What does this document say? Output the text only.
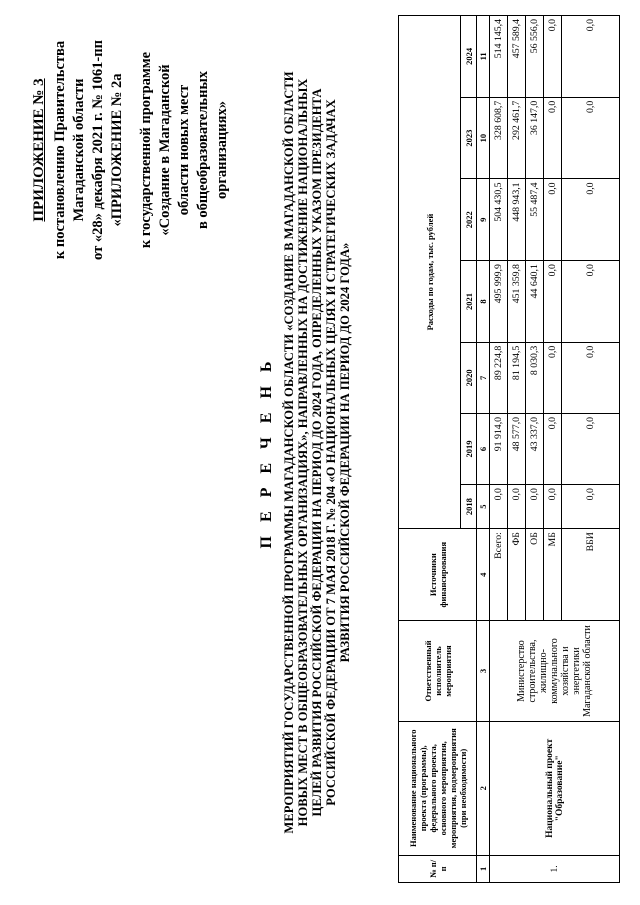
ПРИЛОЖЕНИЕ № 3 к постановлению Правительства Магаданской области от «28» декабря 2021 г. № 1061-пп «ПРИЛОЖЕНИЕ № 2а к государственной программе «Создание в Магаданской области новых мест в общеобразовательных организациях»
П Е Р Е Ч Е Н Ь МЕРОПРИЯТИЙ ГОСУДАРСТВЕННОЙ ПРОГРАММЫ МАГАДАНСКОЙ ОБЛАСТИ «СОЗДАНИЕ В МАГАДАНСКОЙ ОБЛАСТИ НОВЫХ МЕСТ В ОБЩЕОБРАЗОВАТЕЛЬНЫХ ОРГАНИЗАЦИЯХ», НАПРАВЛЕННЫХ НА ДОСТИЖЕНИЕ НАЦИОНАЛЬНЫХ ЦЕЛЕЙ РАЗВИТИЯ РОССИЙСКОЙ ФЕДЕРАЦИИ НА ПЕРИОД ДО 2024 ГОДА, ОПРЕДЕЛЕННЫХ УКАЗОМ ПРЕЗИДЕНТА РОССИЙСКОЙ ФЕДЕРАЦИИ ОТ 7 МАЯ 2018 Г. № 204 «О НАЦИОНАЛЬНЫХ ЦЕЛЯХ И СТРАТЕГИЧЕСКИХ ЗАДАЧАХ РАЗВИТИЯ РОССИЙСКОЙ ФЕДЕРАЦИИ НА ПЕРИОД ДО 2024 ГОДА»
№ п/п	Наименование национального проекта (программы), федерального проекта, основного мероприятия, мероприятия, подмероприятия (при необходимости)	Ответственный исполнитель мероприятия	Источники финансирования	Расходы по годам, тыс. рублей						
				2018	2019	2020	2021	2022	2023	2024
1	2	3	4	5	6	7	8	9	10	11
1.	Национальный проект "Образование"	Министерство строительства, жилищно-коммунального хозяйства и энергетики Магаданской области	Всего:	0,0	91 914,0	89 224,8	495 999,9	504 430,5	328 608,7	514 145,4
			ФБ	0,0	48 577,0	81 194,5	451 359,8	448 943,1	292 461,7	457 589,4
			ОБ	0,0	43 337,0	8 030,3	44 640,1	55 487,4	36 147,0	56 556,0
			МБ	0,0	0,0	0,0	0,0	0,0	0,0	0,0
			ВБИ	0,0	0,0	0,0	0,0	0,0	0,0	0,0
